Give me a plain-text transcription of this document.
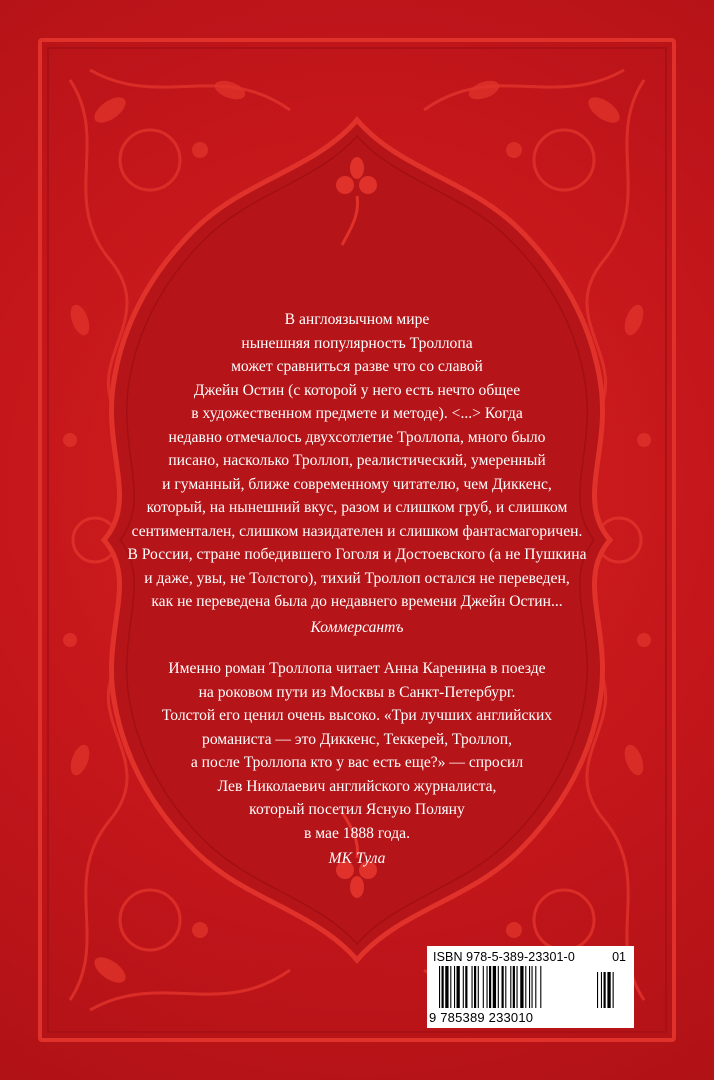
В англоязычном мире

нынешняя популярность Троллопа

может сравниться разве что со славой

Джейн Остин (с которой у него есть нечто общее

в художественном предмете и методе). <...> Когда

недавно отмечалось двухсотлетие Троллопа, много было

писано, насколько Троллоп, реалистический, умеренный

и гуманный, ближе современному читателю, чем Диккенс,

который, на нынешний вкус, разом и слишком груб, и слишком

сентиментален, слишком назидателен и слишком фантасмагоричен.

В России, стране победившего Гоголя и Достоевского (а не Пушкина

и даже, увы, не Толстого), тихий Троллоп остался не переведен,

как не переведена была до недавнего времени Джейн Остин...

Коммерсантъ

Именно роман Троллопа читает Анна Каренина в поезде

на роковом пути из Москвы в Санкт-Петербург.

Толстой его ценил очень высоко. «Три лучших английских

романиста — это Диккенс, Теккерей, Троллоп,

а после Троллопа кто у вас есть еще?» — спросил

Лев Николаевич английского журналиста,

который посетил Ясную Поляну

в мае 1888 года.

МК Тула
ISBN 978-5-389-23301-0	01
9 785389 233010
